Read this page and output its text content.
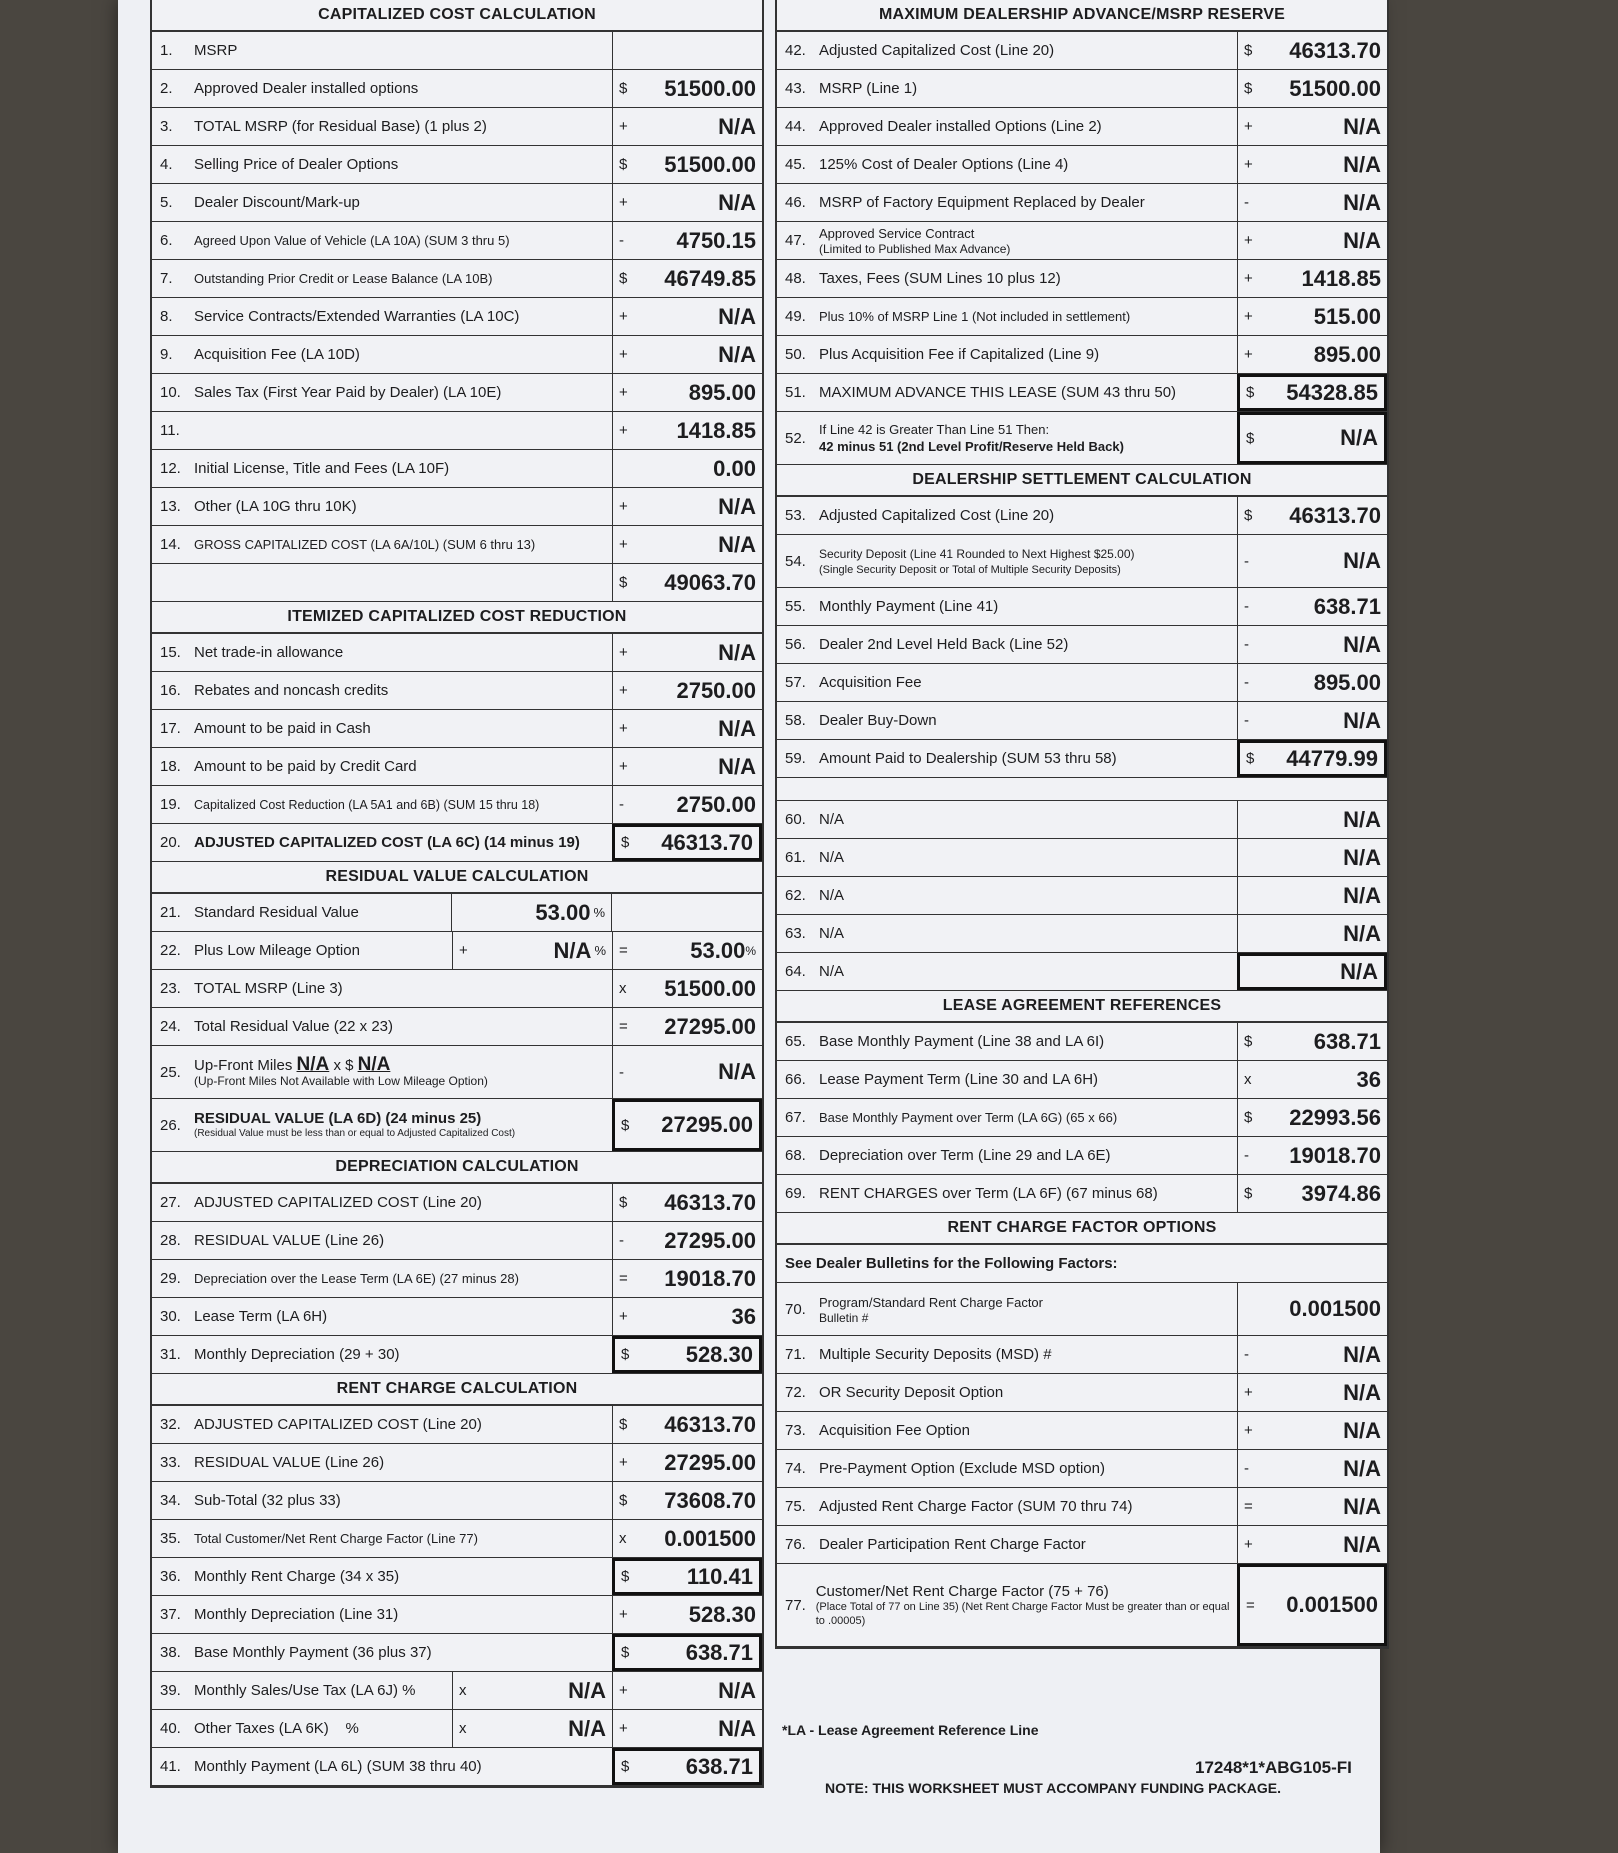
CAPITALIZED COST CALCULATION
1.	MSRP
2.	Approved Dealer installed options	$	51500.00
3.	TOTAL MSRP (for Residual Base) (1 plus 2)	+	N/A
4.	Selling Price of Dealer Options	$	51500.00
5.	Dealer Discount/Mark-up	+	N/A
6.	Agreed Upon Value of Vehicle (LA 10A) (SUM 3 thru 5)	-	4750.15
7.	Outstanding Prior Credit or Lease Balance (LA 10B)	$	46749.85
8.	Service Contracts/Extended Warranties (LA 10C)	+	N/A
9.	Acquisition Fee (LA 10D)	+	N/A
10. Sales Tax (First Year Paid by Dealer) (LA 10E)	+	895.00
11.	+	1418.85
12. Initial License, Title and Fees (LA 10F)	0.00
13. Other (LA 10G thru 10K)	+	N/A
14.	GROSS CAPITALIZED COST (LA 6A/10L) (SUM 6 thru 13)	+	N/A
$	49063.70
ITEMIZED CAPITALIZED COST REDUCTION
15. Net trade-in allowance	+	N/A
16. Rebates and noncash credits	+	2750.00
17. Amount to be paid in Cash	+	N/A
18. Amount to be paid by Credit Card	+	N/A
19.	Capitalized Cost Reduction (LA 5A1 and 6B) (SUM 15 thru 18)	-	2750.00
20. ADJUSTED CAPITALIZED COST (LA 6C) (14 minus 19)	$	46313.70
RESIDUAL VALUE CALCULATION
21. Standard Residual Value	53.00 %
22. Plus Low Mileage Option	+	N/A % =	53.00 %
23. TOTAL MSRP (Line 3)	x	51500.00
24. Total Residual Value (22 x 23)	=	27295.00
25. Up-Front Miles N/A x $ N/A
(Up-Front Miles Not Available with Low Mileage Option)
-	N/A
26. RESIDUAL VALUE (LA 6D) (24 minus 25)
(Residual Value must be less than or equal to Adjusted Capitalized Cost)	$	27295.00
DEPRECIATION CALCULATION
27. ADJUSTED CAPITALIZED COST (Line 20)	$	46313.70
28. RESIDUAL VALUE (Line 26)	-	27295.00
29.	Depreciation over the Lease Term (LA 6E) (27 minus 28)	=	19018.70
30. Lease Term (LA 6H)	+	36
31. Monthly Depreciation (29 + 30)	$	528.30
RENT CHARGE CALCULATION
32. ADJUSTED CAPITALIZED COST (Line 20)	$	46313.70
33. RESIDUAL VALUE (Line 26)	+	27295.00
34. Sub-Total (32 plus 33)	$	73608.70
35.	Total Customer/Net Rent Charge Factor (Line 77)	x	0.001500
36. Monthly Rent Charge (34 x 35)	$	110.41
37. Monthly Depreciation (Line 31)	+	528.30
38. Base Monthly Payment (36 plus 37)	$	638.71
39. Monthly Sales/Use Tax (LA 6J)
%	x	N/A +	N/A
40. Other Taxes (LA 6K)
%	x	N/A +	N/A
41. Monthly Payment (LA 6L) (SUM 38 thru 40)	$	638.71
MAXIMUM DEALERSHIP ADVANCE/MSRP RESERVE
42. Adjusted Capitalized Cost (Line 20)	$	46313.70
43. MSRP (Line 1)	$	51500.00
44. Approved Dealer installed Options (Line 2)	+	N/A
45. 125% Cost of Dealer Options (Line 4)	+	N/A
46. MSRP of Factory Equipment Replaced by Dealer	-	N/A
47.	Approved Service Contract
(Limited to Published Max Advance)	+	N/A
48. Taxes, Fees (SUM Lines 10 plus 12)	+	1418.85
49.	Plus 10% of MSRP Line 1 (Not included in settlement)	+	515.00
50. Plus Acquisition Fee if Capitalized (Line 9)	+	895.00
51. MAXIMUM ADVANCE THIS LEASE (SUM 43 thru 50)	$	54328.85
52.	If Line 42 is Greater Than Line 51 Then:
42 minus 51 (2nd Level Profit/Reserve Held Back)	$	N/A
DEALERSHIP SETTLEMENT CALCULATION
53. Adjusted Capitalized Cost (Line 20)	$	46313.70
54.	Security Deposit (Line 41 Rounded to Next Highest $25.00)
(Single Security Deposit or Total of Multiple Security Deposits)	-	N/A
55. Monthly Payment (Line 41)	-	638.71
56. Dealer 2nd Level Held Back (Line 52)	-	N/A
57. Acquisition Fee	-	895.00
58. Dealer Buy-Down	-	N/A
59. Amount Paid to Dealership (SUM 53 thru 58)	$	44779.99
60. N/A	N/A
61. N/A	N/A
62. N/A	N/A
63. N/A	N/A
64. N/A	N/A
LEASE AGREEMENT REFERENCES
65. Base Monthly Payment (Line 38 and LA 6I)	$	638.71
66. Lease Payment Term (Line 30 and LA 6H)	x	36
67.	Base Monthly Payment over Term (LA 6G) (65 x 66)	$	22993.56
68. Depreciation over Term (Line 29 and LA 6E)	-	19018.70
69. RENT CHARGES over Term (LA 6F) (67 minus 68)	$	3974.86
RENT CHARGE FACTOR OPTIONS
See Dealer Bulletins for the Following Factors:
70.	Program/Standard Rent Charge Factor
Bulletin #	0.001500
71. Multiple Security Deposits (MSD) #	-	N/A
72. OR Security Deposit Option	+	N/A
73. Acquisition Fee Option	+	N/A
74. Pre-Payment Option (Exclude MSD option)	-	N/A
75. Adjusted Rent Charge Factor (SUM 70 thru 74)	=	N/A
76. Dealer Participation Rent Charge Factor	+	N/A
77.
Customer/Net Rent Charge Factor (75 + 76)
(Place Total of 77 on Line 35) (Net Rent Charge Factor Must be greater than or equal to .00005)
=	0.001500
*LA - Lease Agreement Reference Line
17248*1*ABG105-FI
NOTE: THIS WORKSHEET MUST ACCOMPANY FUNDING PACKAGE.
